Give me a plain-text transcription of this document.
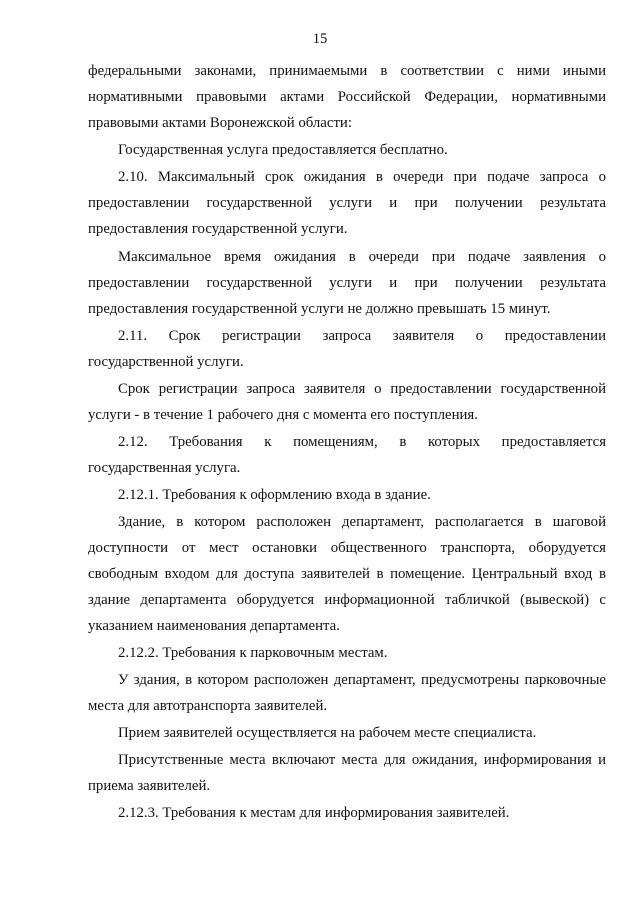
15
федеральными законами, принимаемыми в соответствии с ними иными
нормативными правовыми актами Российской Федерации, нормативными
правовыми актами Воронежской области:
Государственная услуга предоставляется бесплатно.
2.10. Максимальный срок ожидания в очереди при подаче запроса о
предоставлении государственной услуги и при получении результата
предоставления государственной услуги.
Максимальное время ожидания в очереди при подаче заявления о
предоставлении государственной услуги и при получении результата
предоставления государственной услуги не должно превышать 15 минут.
2.11. Срок регистрации запроса заявителя о предоставлении
государственной услуги.
Срок регистрации запроса заявителя о предоставлении государственной
услуги - в течение 1 рабочего дня с момента его поступления.
2.12. Требования к помещениям, в которых предоставляется
государственная услуга.
2.12.1. Требования к оформлению входа в здание.
Здание, в котором расположен департамент, располагается в шаговой
доступности от мест остановки общественного транспорта, оборудуется
свободным входом для доступа заявителей в помещение. Центральный вход в
здание департамента оборудуется информационной табличкой (вывеской) с
указанием наименования департамента.
2.12.2. Требования к парковочным местам.
У здания, в котором расположен департамент, предусмотрены парковочные
места для автотранспорта заявителей.
Прием заявителей осуществляется на рабочем месте специалиста.
Присутственные места включают места для ожидания, информирования и
приема заявителей.
2.12.3. Требования к местам для информирования заявителей.
